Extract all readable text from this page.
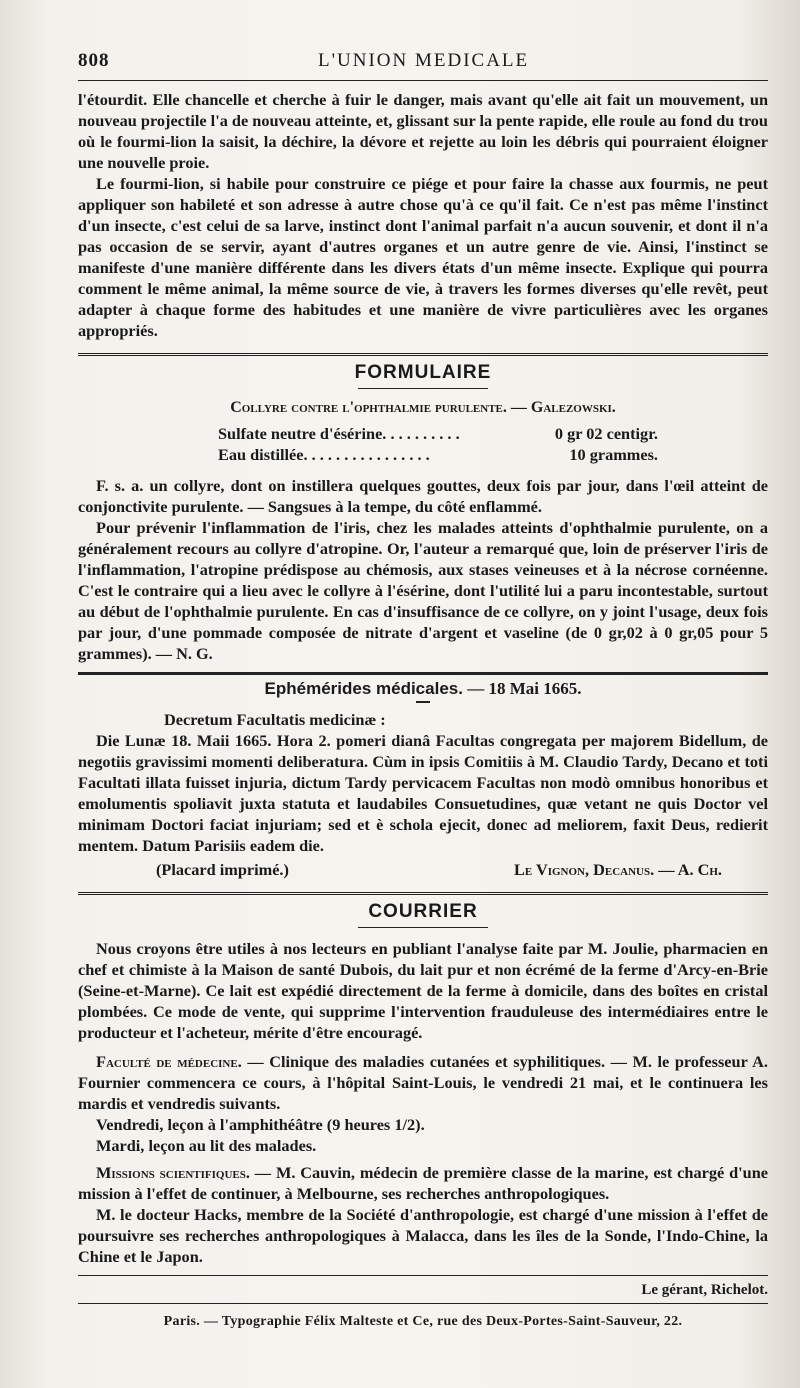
808	L'UNION MEDICALE

l'étourdit. Elle chancelle et cherche à fuir le danger, mais avant qu'elle ait fait un mouvement, un nouveau projectile l'a de nouveau atteinte, et, glissant sur la pente rapide, elle roule au fond du trou où le fourmi-lion la saisit, la déchire, la dévore et rejette au loin les débris qui pourraient éloigner une nouvelle proie.

Le fourmi-lion, si habile pour construire ce piége et pour faire la chasse aux fourmis, ne peut appliquer son habileté et son adresse à autre chose qu'à ce qu'il fait. Ce n'est pas même l'instinct d'un insecte, c'est celui de sa larve, instinct dont l'animal parfait n'a aucun souvenir, et dont il n'a pas occasion de se servir, ayant d'autres organes et un autre genre de vie. Ainsi, l'instinct se manifeste d'une manière différente dans les divers états d'un même insecte. Explique qui pourra comment le même animal, la même source de vie, à travers les formes diverses qu'elle revêt, peut adapter à chaque forme des habitudes et une manière de vivre particulières avec les organes appropriés.

FORMULAIRE
Collyre contre l'ophthalmie purulente. — Galezowski.
Sulfate neutre d'ésérine. . . . . . . . . .	0 gr 02 centigr.
Eau distillée. . . . . . . . . . . . . . . .	10 grammes.

F. s. a. un collyre, dont on instillera quelques gouttes, deux fois par jour, dans l'œil atteint de conjonctivite purulente. — Sangsues à la tempe, du côté enflammé.

Pour prévenir l'inflammation de l'iris, chez les malades atteints d'ophthalmie purulente, on a généralement recours au collyre d'atropine. Or, l'auteur a remarqué que, loin de préserver l'iris de l'inflammation, l'atropine prédispose au chémosis, aux stases veineuses et à la nécrose cornéenne. C'est le contraire qui a lieu avec le collyre à l'ésérine, dont l'utilité lui a paru incontestable, surtout au début de l'ophthalmie purulente. En cas d'insuffisance de ce collyre, on y joint l'usage, deux fois par jour, d'une pommade composée de nitrate d'argent et vaseline (de 0 gr,02 à 0 gr,05 pour 5 grammes). — N. G.

Ephémérides médicales. — 18 Mai 1665.

Decretum Facultatis medicinæ :

Die Lunæ 18. Maii 1665. Hora 2. pomeri dianâ Facultas congregata per majorem Bidellum, de negotiis gravissimi momenti deliberatura. Cùm in ipsis Comitiis à M. Claudio Tardy, Decano et toti Facultati illata fuisset injuria, dictum Tardy pervicacem Facultas non modò omnibus honoribus et emolumentis spoliavit juxta statuta et laudabiles Consuetudines, quæ vetant ne quis Doctor vel minimam Doctori faciat injuriam; sed et è schola ejecit, donec ad meliorem, faxit Deus, redierit mentem. Datum Parisiis eadem die.

(Placard imprimé.)	Le Vignon, Decanus. — A. Ch.
COURRIER

Nous croyons être utiles à nos lecteurs en publiant l'analyse faite par M. Joulie, pharmacien en chef et chimiste à la Maison de santé Dubois, du lait pur et non écrémé de la ferme d'Arcy-en-Brie (Seine-et-Marne). Ce lait est expédié directement de la ferme à domicile, dans des boîtes en cristal plombées. Ce mode de vente, qui supprime l'intervention frauduleuse des intermédiaires entre le producteur et l'acheteur, mérite d'être encouragé.

Faculté de médecine. — Clinique des maladies cutanées et syphilitiques. — M. le professeur A. Fournier commencera ce cours, à l'hôpital Saint-Louis, le vendredi 21 mai, et le continuera les mardis et vendredis suivants.

Vendredi, leçon à l'amphithéâtre (9 heures 1/2).

Mardi, leçon au lit des malades.

Missions scientifiques. — M. Cauvin, médecin de première classe de la marine, est chargé d'une mission à l'effet de continuer, à Melbourne, ses recherches anthropologiques.

M. le docteur Hacks, membre de la Société d'anthropologie, est chargé d'une mission à l'effet de poursuivre ses recherches anthropologiques à Malacca, dans les îles de la Sonde, l'Indo-Chine, la Chine et le Japon.

Le gérant, Richelot.
Paris. — Typographie Félix Malteste et Ce, rue des Deux-Portes-Saint-Sauveur, 22.
